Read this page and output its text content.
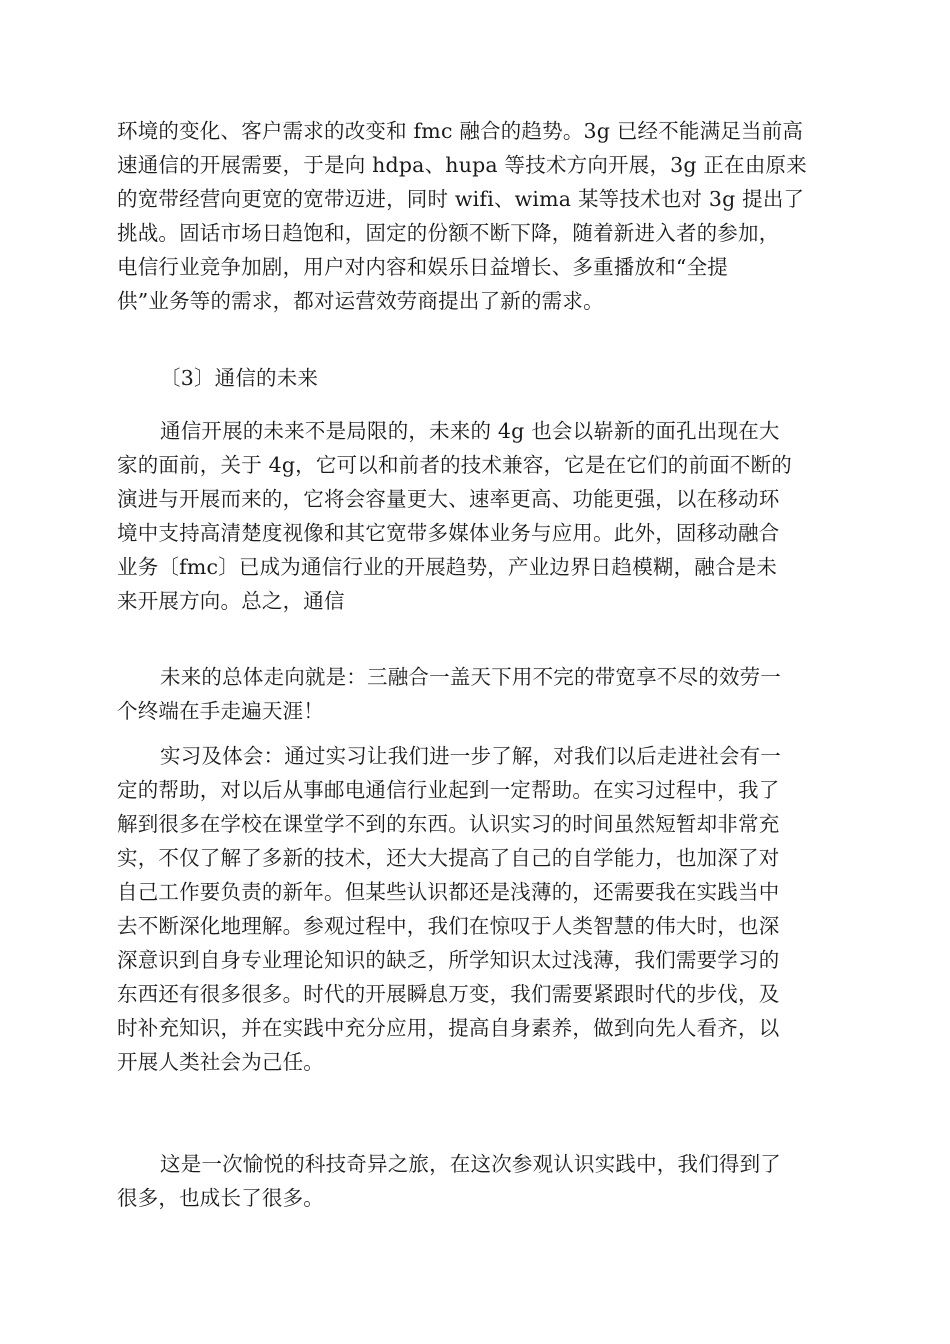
环境的变化、客户需求的改变和 fmc 融合的趋势。3g 已经不能满足当前高
速通信的开展需要，于是向 hdpa、hupa 等技术方向开展，3g 正在由原来
的宽带经营向更宽的宽带迈进，同时 wifi、wima 某等技术也对 3g 提出了
挑战。固话市场日趋饱和，固定的份额不断下降，随着新进入者的参加，
电信行业竞争加剧，用户对内容和娱乐日益增长、多重播放和“全提
供”业务等的需求，都对运营效劳商提出了新的需求。
〔3〕通信的未来
通信开展的未来不是局限的，未来的 4g 也会以崭新的面孔出现在大
家的面前，关于 4g，它可以和前者的技术兼容，它是在它们的前面不断的
演进与开展而来的，它将会容量更大、速率更高、功能更强，以在移动环
境中支持高清楚度视像和其它宽带多媒体业务与应用。此外，固移动融合
业务〔fmc〕已成为通信行业的开展趋势，产业边界日趋模糊，融合是未
来开展方向。总之，通信
未来的总体走向就是：三融合一盖天下用不完的带宽享不尽的效劳一
个终端在手走遍天涯！
实习及体会：通过实习让我们进一步了解，对我们以后走进社会有一
定的帮助，对以后从事邮电通信行业起到一定帮助。在实习过程中，我了
解到很多在学校在课堂学不到的东西。认识实习的时间虽然短暂却非常充
实，不仅了解了多新的技术，还大大提高了自己的自学能力，也加深了对
自己工作要负责的新年。但某些认识都还是浅薄的，还需要我在实践当中
去不断深化地理解。参观过程中，我们在惊叹于人类智慧的伟大时，也深
深意识到自身专业理论知识的缺乏，所学知识太过浅薄，我们需要学习的
东西还有很多很多。时代的开展瞬息万变，我们需要紧跟时代的步伐，及
时补充知识，并在实践中充分应用，提高自身素养，做到向先人看齐，以
开展人类社会为己任。
这是一次愉悦的科技奇异之旅，在这次参观认识实践中，我们得到了
很多，也成长了很多。
